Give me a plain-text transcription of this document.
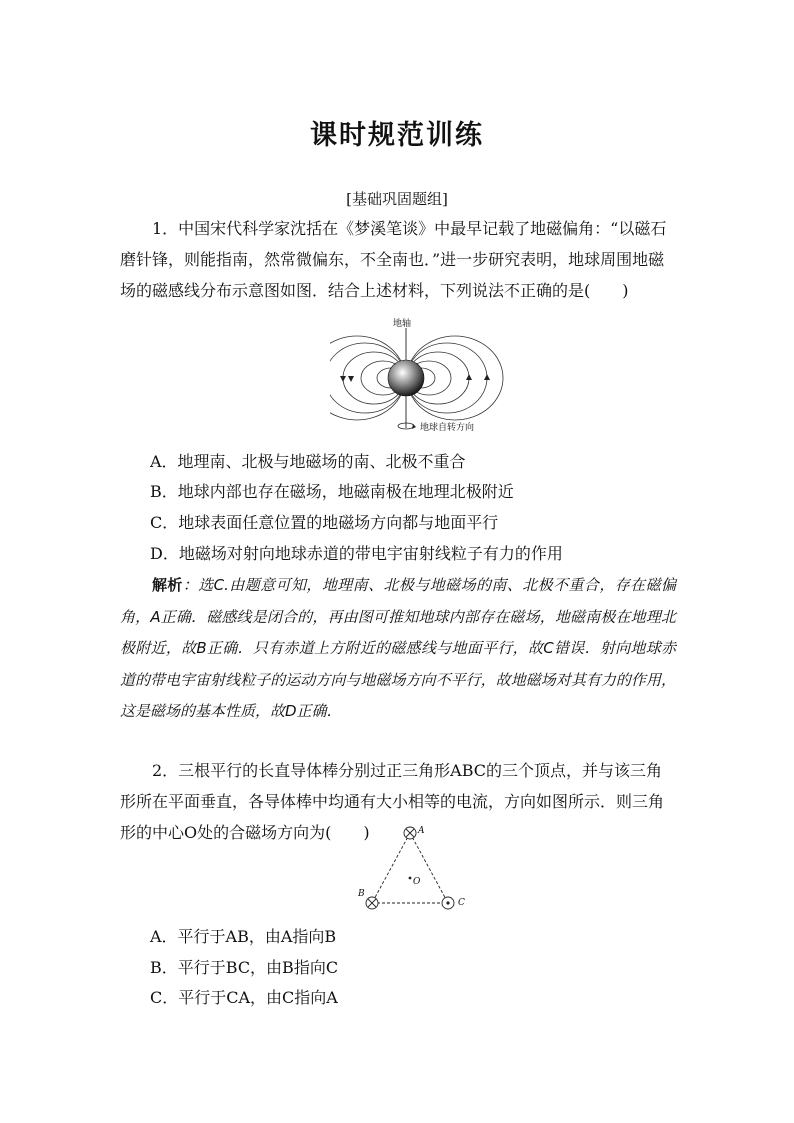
课时规范训练
[基础巩固题组]
1．中国宋代科学家沈括在《梦溪笔谈》中最早记载了地磁偏角：“以磁石磨针锋，则能指南，然常微偏东，不全南也．”进一步研究表明，地球周围地磁场的磁感线分布示意图如图．结合上述材料，下列说法不正确的是(　　)
地轴
地球自转方向
A．地理南、北极与地磁场的南、北极不重合
B．地球内部也存在磁场，地磁南极在地理北极附近
C．地球表面任意位置的地磁场方向都与地面平行
D．地磁场对射向地球赤道的带电宇宙射线粒子有力的作用
解析：选C.由题意可知，地理南、北极与地磁场的南、北极不重合，存在磁偏角，A正确．磁感线是闭合的，再由图可推知地球内部存在磁场，地磁南极在地理北极附近，故B正确．只有赤道上方附近的磁感线与地面平行，故C错误．射向地球赤道的带电宇宙射线粒子的运动方向与地磁场方向不平行，故地磁场对其有力的作用，这是磁场的基本性质，故D正确．
2．三根平行的长直导体棒分别过正三角形ABC的三个顶点，并与该三角形所在平面垂直，各导体棒中均通有大小相等的电流，方向如图所示．则三角形的中心O处的合磁场方向为(　　)	A
B
C
O
A．平行于AB，由A指向B
B．平行于BC，由B指向C
C．平行于CA，由C指向A
